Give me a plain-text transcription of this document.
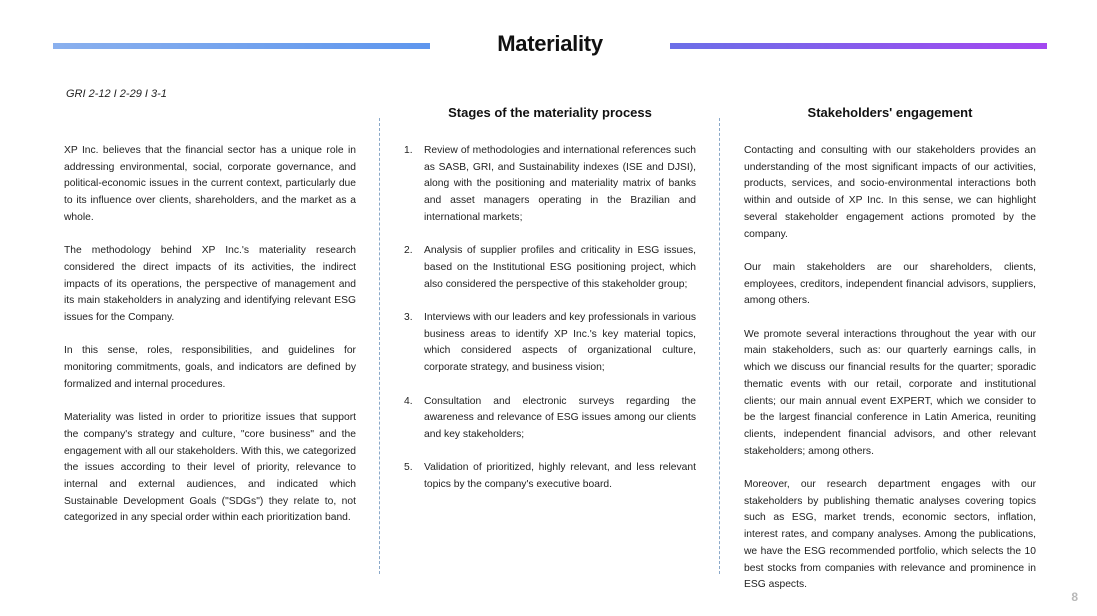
Materiality
GRI 2-12 I 2-29 I 3-1
Stages of the materiality process	Stakeholders' engagement

XP Inc. believes that the financial sector has a unique role in addressing environmental, social, corporate governance, and political-economic issues in the current context, particularly due to its influence over clients, shareholders, and the market as a whole.

The methodology behind XP Inc.'s materiality research considered the direct impacts of its activities, the indirect impacts of its operations, the perspective of management and its main stakeholders in analyzing and identifying relevant ESG issues for the Company.

In this sense, roles, responsibilities, and guidelines for monitoring commitments, goals, and indicators are defined by formalized and internal procedures.

Materiality was listed in order to prioritize issues that support the company's strategy and culture, "core business" and the engagement with all our stakeholders. With this, we categorized the issues according to their level of priority, relevance to internal and external audiences, and indicated which Sustainable Development Goals ("SDGs") they relate to, not categorized in any special order within each prioritization band.

1. Review of methodologies and international references such as SASB, GRI, and Sustainability indexes (ISE and DJSI), along with the positioning and materiality matrix of banks and asset managers operating in the Brazilian and international markets;
2. Analysis of supplier profiles and criticality in ESG issues, based on the Institutional ESG positioning project, which also considered the perspective of this stakeholder group;
3. Interviews with our leaders and key professionals in various business areas to identify XP Inc.'s key material topics, which considered aspects of organizational culture, corporate strategy, and business vision;
4. Consultation and electronic surveys regarding the awareness and relevance of ESG issues among our clients and key stakeholders;
5. Validation of prioritized, highly relevant, and less relevant topics by the company's executive board.

Contacting and consulting with our stakeholders provides an understanding of the most significant impacts of our activities, products, services, and socio-environmental interactions both within and outside of XP Inc. In this sense, we can highlight several stakeholder engagement actions promoted by the company.

Our main stakeholders are our shareholders, clients, employees, creditors, independent financial advisors, suppliers, among others.

We promote several interactions throughout the year with our main stakeholders, such as: our quarterly earnings calls, in which we discuss our financial results for the quarter; sporadic thematic events with our retail, corporate and institutional clients; our main annual event EXPERT, which we consider to be the largest financial conference in Latin America, reuniting clients, independent financial advisors, and other relevant stakeholders; among others.

Moreover, our research department engages with our stakeholders by publishing thematic analyses covering topics such as ESG, market trends, economic sectors, inflation, interest rates, and company analyses. Among the publications, we have the ESG recommended portfolio, which selects the 10 best stocks from companies with relevance and prominence in ESG aspects.

8
